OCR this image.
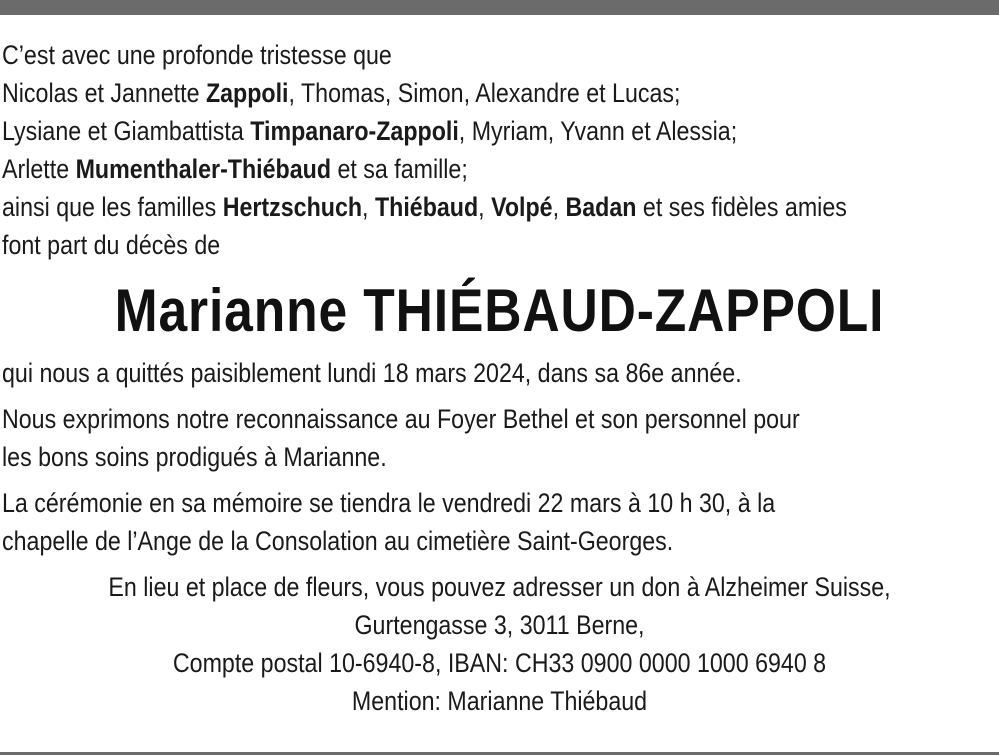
C’est avec une profonde tristesse que

Nicolas et Jannette Zappoli, Thomas, Simon, Alexandre et Lucas;

Lysiane et Giambattista Timpanaro-Zappoli, Myriam, Yvann et Alessia;

Arlette Mumenthaler-Thiébaud et sa famille;

ainsi que les familles Hertzschuch, Thiébaud, Volpé, Badan et ses fidèles amies

font part du décès de

Marianne THIÉBAUD-ZAPPOLI

qui nous a quittés paisiblement lundi 18 mars 2024, dans sa 86e année.

Nous exprimons notre reconnaissance au Foyer Bethel et son personnel pour

les bons soins prodigués à Marianne.

La cérémonie en sa mémoire se tiendra le vendredi 22 mars à 10 h 30, à la

chapelle de l’Ange de la Consolation au cimetière Saint-Georges.

En lieu et place de fleurs, vous pouvez adresser un don à Alzheimer Suisse,

Gurtengasse 3, 3011 Berne,

Compte postal 10-6940-8, IBAN: CH33 0900 0000 1000 6940 8

Mention: Marianne Thiébaud
